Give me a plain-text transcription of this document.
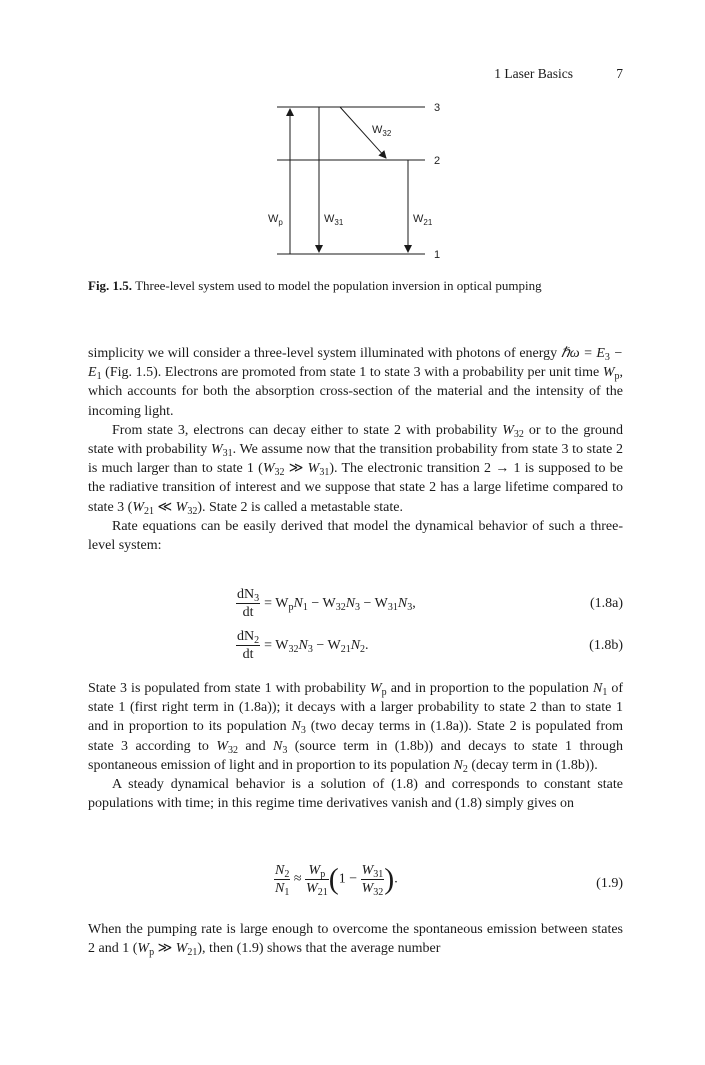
1 Laser Basics	7
3
2
1
$W_p$	$W_{31}$	$W_{21}$
$W_{32}$
Fig. 1.5. Three-level system used to model the population inversion in optical pumping

simplicity we will consider a three-level system illuminated with photons of energy ℏω = $E_3 - E_1$ (Fig. 1.5). Electrons are promoted from state 1 to state 3 with a probability per unit time $W_p$, which accounts for both the absorption cross-section of the material and the intensity of the incoming light.

From state 3, electrons can decay either to state 2 with probability $W_{32}$ or to the ground state with probability $W_{31}$. We assume now that the transition probability from state 3 to state 2 is much larger than to state 1 ($W_{32}$ ≫ $W_{31}$). The electronic transition 2 → 1 is supposed to be the radiative transition of interest and we suppose that state 2 has a large lifetime compared to state 3 ($W_{21}$ ≪ $W_{32}$). State 2 is called a metastable state.

Rate equations can be easily derived that model the dynamical behavior of such a three-level system:

$\frac{dN_3}{dt} = W_pN_1 - W_{32}N_3 - W_{31}N_3$,	(1.8a)
$\frac{dN_2}{dt} = W_{32}N_3 - W_{21}N_2$.	(1.8b)

State 3 is populated from state 1 with probability $W_p$ and in proportion to the population $N_1$ of state 1 (first right term in (1.8a)); it decays with a larger probability to state 2 than to state 1 and in proportion to its population $N_3$ (two decay terms in (1.8a)). State 2 is populated from state 3 according to $W_{32}$ and $N_3$ (source term in (1.8b)) and decays to state 1 through spontaneous emission of light and in proportion to its population $N_2$ (decay term in (1.8b)).

A steady dynamical behavior is a solution of (1.8) and corresponds to constant state populations with time; in this regime time derivatives vanish and (1.8) simply gives on

$\frac{N_2}{N_1} \approx \frac{W_p}{W_{21}} (1 - \frac{W_{31}}{W_{32}}$ ).	(1.9)

When the pumping rate is large enough to overcome the spontaneous emission between states 2 and 1 ($W_p$ ≫ $W_{21}$), then (1.9) shows that the average number
